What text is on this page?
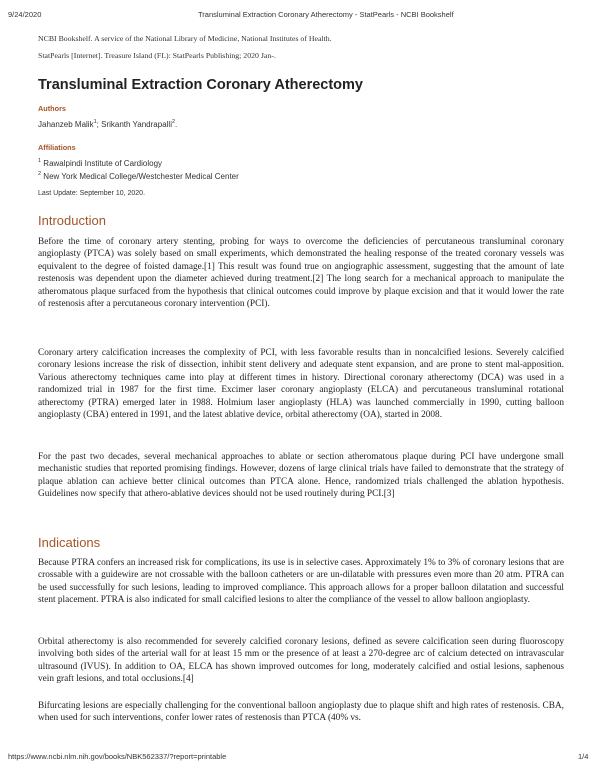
9/24/2020	Transluminal Extraction Coronary Atherectomy - StatPearls - NCBI Bookshelf
NCBI Bookshelf. A service of the National Library of Medicine, National Institutes of Health.
StatPearls [Internet]. Treasure Island (FL): StatPearls Publishing; 2020 Jan-.
Transluminal Extraction Coronary Atherectomy
Authors
Jahanzeb Malik$^1$; Srikanth Yandrapalli$^2$.
Affiliations
$^1$ Rawalpindi Institute of Cardiology
$^2$ New York Medical College/Westchester Medical Center
Last Update: September 10, 2020.
Introduction

Before the time of coronary artery stenting, probing for ways to overcome the deficiencies of percutaneous transluminal coronary angioplasty (PTCA) was solely based on small experiments, which demonstrated the healing response of the treated coronary vessels was equivalent to the degree of foisted damage.[1] This result was found true on angiographic assessment, suggesting that the amount of late restenosis was dependent upon the diameter achieved during treatment.[2] The long search for a mechanical approach to manipulate the atheromatous plaque surfaced from the hypothesis that clinical outcomes could improve by plaque excision and that it would lower the rate of restenosis after a percutaneous coronary intervention (PCI).

Coronary artery calcification increases the complexity of PCI, with less favorable results than in noncalcified lesions. Severely calcified coronary lesions increase the risk of dissection, inhibit stent delivery and adequate stent expansion, and are prone to stent mal-apposition. Various atherectomy techniques came into play at different times in history. Directional coronary atherectomy (DCA) was used in a randomized trial in 1987 for the first time. Excimer laser coronary angioplasty (ELCA) and percutaneous transluminal rotational atherectomy (PTRA) emerged later in 1988. Holmium laser angioplasty (HLA) was launched commercially in 1990, cutting balloon angioplasty (CBA) entered in 1991, and the latest ablative device, orbital atherectomy (OA), started in 2008.

For the past two decades, several mechanical approaches to ablate or section atheromatous plaque during PCI have undergone small mechanistic studies that reported promising findings. However, dozens of large clinical trials have failed to demonstrate that the strategy of plaque ablation can achieve better clinical outcomes than PTCA alone. Hence, randomized trials challenged the ablation hypothesis. Guidelines now specify that athero-ablative devices should not be used routinely during PCI.[3]

Indications

Because PTRA confers an increased risk for complications, its use is in selective cases. Approximately 1% to 3% of coronary lesions that are crossable with a guidewire are not crossable with the balloon catheters or are un-dilatable with pressures even more than 20 atm. PTRA can be used successfully for such lesions, leading to improved compliance. This approach allows for a proper balloon dilatation and successful stent placement. PTRA is also indicated for small calcified lesions to alter the compliance of the vessel to allow balloon angioplasty.

Orbital atherectomy is also recommended for severely calcified coronary lesions, defined as severe calcification seen during fluoroscopy involving both sides of the arterial wall for at least 15 mm or the presence of at least a 270-degree arc of calcium detected on intravascular ultrasound (IVUS). In addition to OA, ELCA has shown improved outcomes for long, moderately calcified and ostial lesions, saphenous vein graft lesions, and total occlusions.[4]

Bifurcating lesions are especially challenging for the conventional balloon angioplasty due to plaque shift and high rates of restenosis. CBA, when used for such interventions, confer lower rates of restenosis than PTCA (40% vs.

https://www.ncbi.nlm.nih.gov/books/NBK562337/?report=printable	1/4
